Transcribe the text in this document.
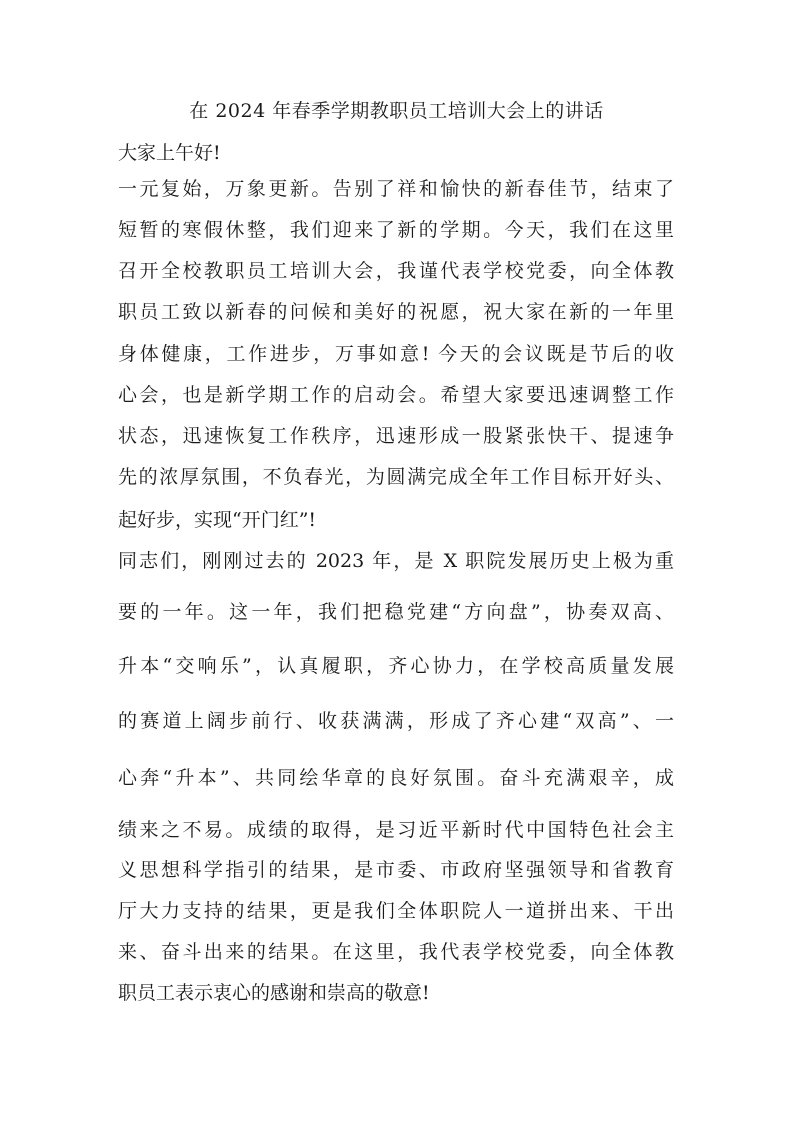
在 2024 年春季学期教职员工培训大会上的讲话
大家上午好!
一元复始，万象更新。告别了祥和愉快的新春佳节，结束了
短暂的寒假休整，我们迎来了新的学期。今天，我们在这里
召开全校教职员工培训大会，我谨代表学校党委，向全体教
职员工致以新春的问候和美好的祝愿，祝大家在新的一年里
身体健康，工作进步，万事如意! 今天的会议既是节后的收
心会，也是新学期工作的启动会。希望大家要迅速调整工作
状态，迅速恢复工作秩序，迅速形成一股紧张快干、提速争
先的浓厚氛围，不负春光，为圆满完成全年工作目标开好头、
起好步，实现“开门红”!
同志们，刚刚过去的 2023 年，是 X 职院发展历史上极为重
要的一年。这一年，我们把稳党建“方向盘”，协奏双高、
升本“交响乐”，认真履职，齐心协力，在学校高质量发展
的赛道上阔步前行、收获满满，形成了齐心建“双高”、一
心奔“升本”、共同绘华章的良好氛围。奋斗充满艰辛，成
绩来之不易。成绩的取得，是习近平新时代中国特色社会主
义思想科学指引的结果，是市委、市政府坚强领导和省教育
厅大力支持的结果，更是我们全体职院人一道拼出来、干出
来、奋斗出来的结果。在这里，我代表学校党委，向全体教
职员工表示衷心的感谢和崇高的敬意!
